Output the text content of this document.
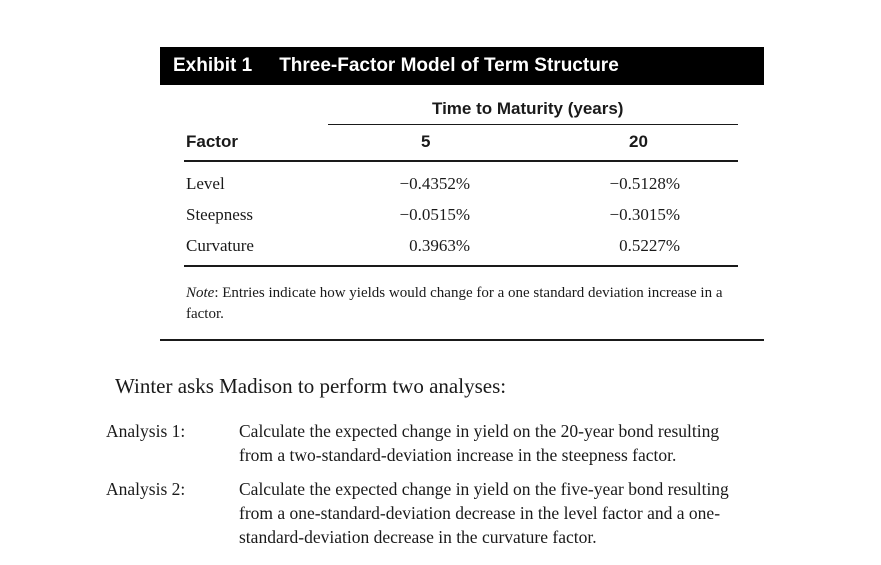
Exhibit 1 Three-Factor Model of Term Structure
Time to Maturity (years)
Factor	5	20
Level	−0.4352%	−0.5128%
Steepness	−0.0515%	−0.3015%
Curvature	0.3963%	0.5227%
Note: Entries indicate how yields would change for a one standard deviation increase in a factor.
Winter asks Madison to perform two analyses:
Analysis 1:	Calculate the expected change in yield on the 20-year bond resulting
from a two-standard-deviation increase in the steepness factor.
Analysis 2:	Calculate the expected change in yield on the five-year bond resulting
from a one-standard-deviation decrease in the level factor and a one-
standard-deviation decrease in the curvature factor.
